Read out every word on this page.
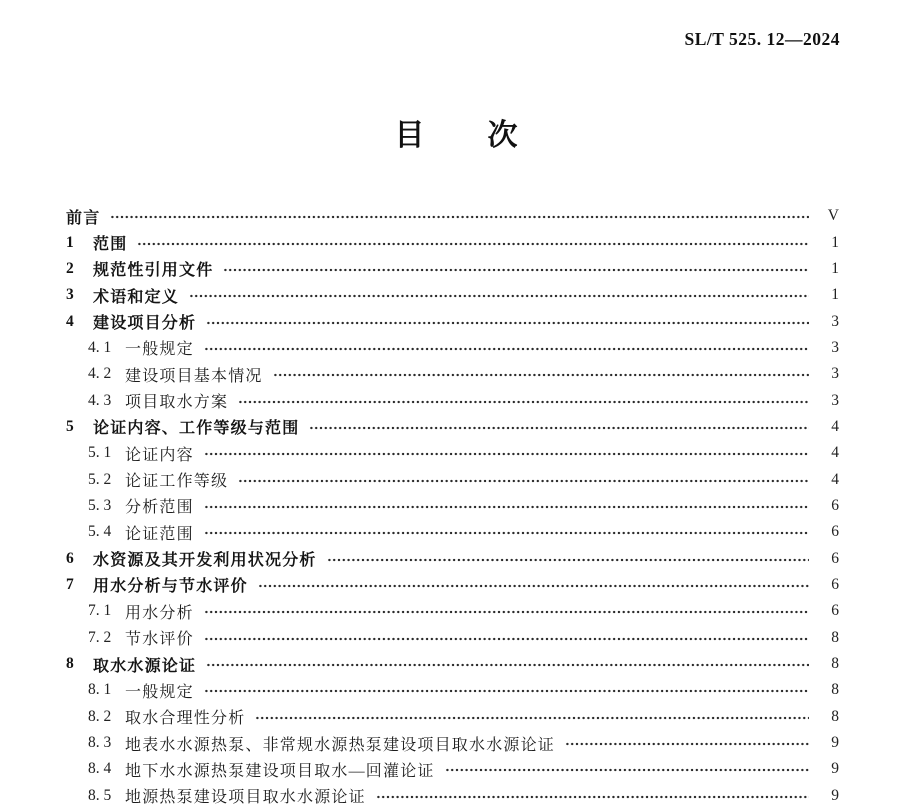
SL/T 525. 12—2024
目　　次
前言	V
1	范围	1
2	规范性引用文件	1
3	术语和定义	1
4	建设项目分析	3
4. 1 一般规定	3
4. 2 建设项目基本情况	3
4. 3 项目取水方案	3
5	论证内容、工作等级与范围	4
5. 1 论证内容	4
5. 2 论证工作等级	4
5. 3 分析范围	6
5. 4 论证范围	6
6	水资源及其开发利用状况分析	6
7	用水分析与节水评价	6
7. 1 用水分析	6
7. 2 节水评价	8
8	取水水源论证	8
8. 1 一般规定	8
8. 2 取水合理性分析	8
8. 3 地表水水源热泵、非常规水源热泵建设项目取水水源论证	9
8. 4 地下水水源热泵建设项目取水—回灌论证	9
8. 5 地源热泵建设项目取水水源论证	9
